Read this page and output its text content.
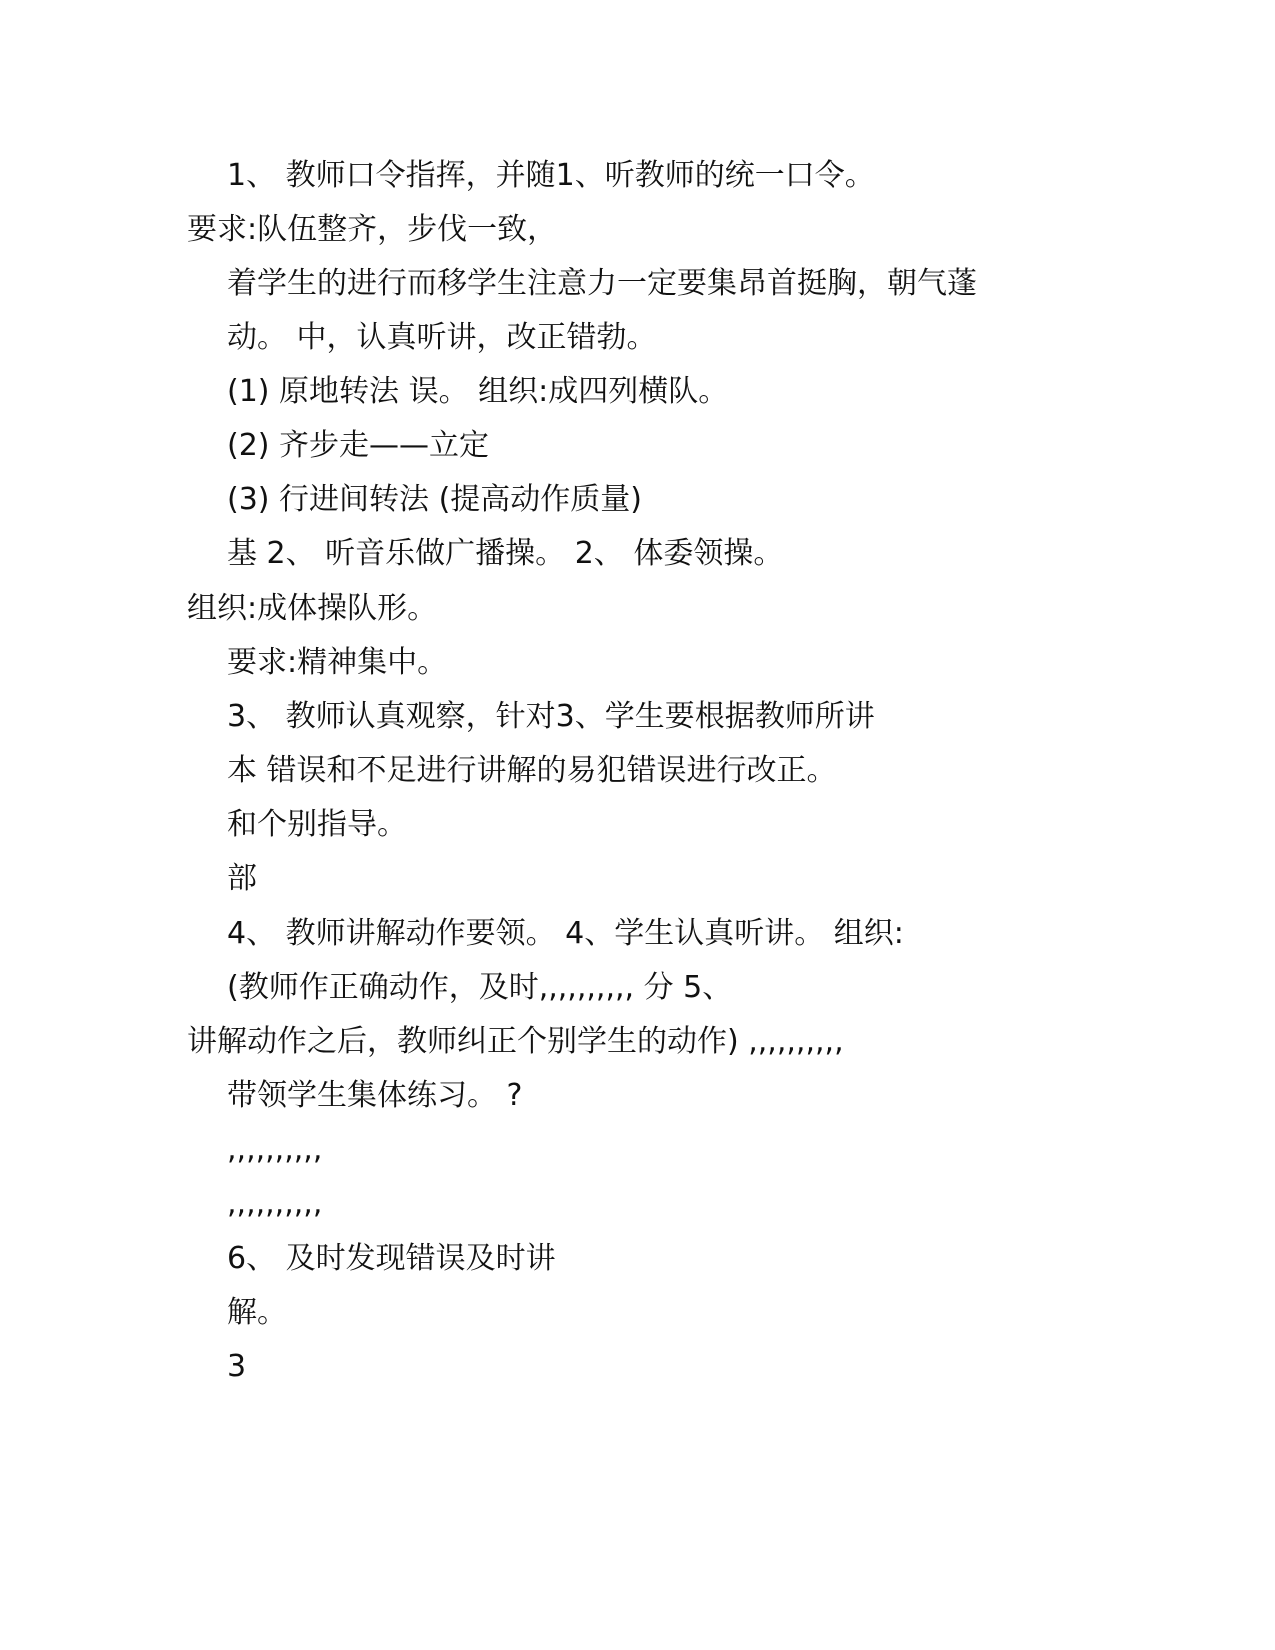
1、 教师口令指挥，并随1、听教师的统一口令。
要求:队伍整齐，步伐一致，
着学生的进行而移学生注意力一定要集昂首挺胸，朝气蓬
动。 中，认真听讲，改正错勃。
(1) 原地转法 误。 组织:成四列横队。
(2) 齐步走——立定
(3) 行进间转法 (提高动作质量)
基 2、 听音乐做广播操。 2、 体委领操。
组织:成体操队形。
要求:精神集中。
3、 教师认真观察，针对3、学生要根据教师所讲
本 错误和不足进行讲解的易犯错误进行改正。
和个别指导。
部
4、 教师讲解动作要领。 4、学生认真听讲。 组织:
(教师作正确动作，及时,,,,,,,,,, 分 5、
讲解动作之后，教师纠正个别学生的动作) ,,,,,,,,,,
带领学生集体练习。 ?
,,,,,,,,,,
,,,,,,,,,,
6、 及时发现错误及时讲
解。
3
